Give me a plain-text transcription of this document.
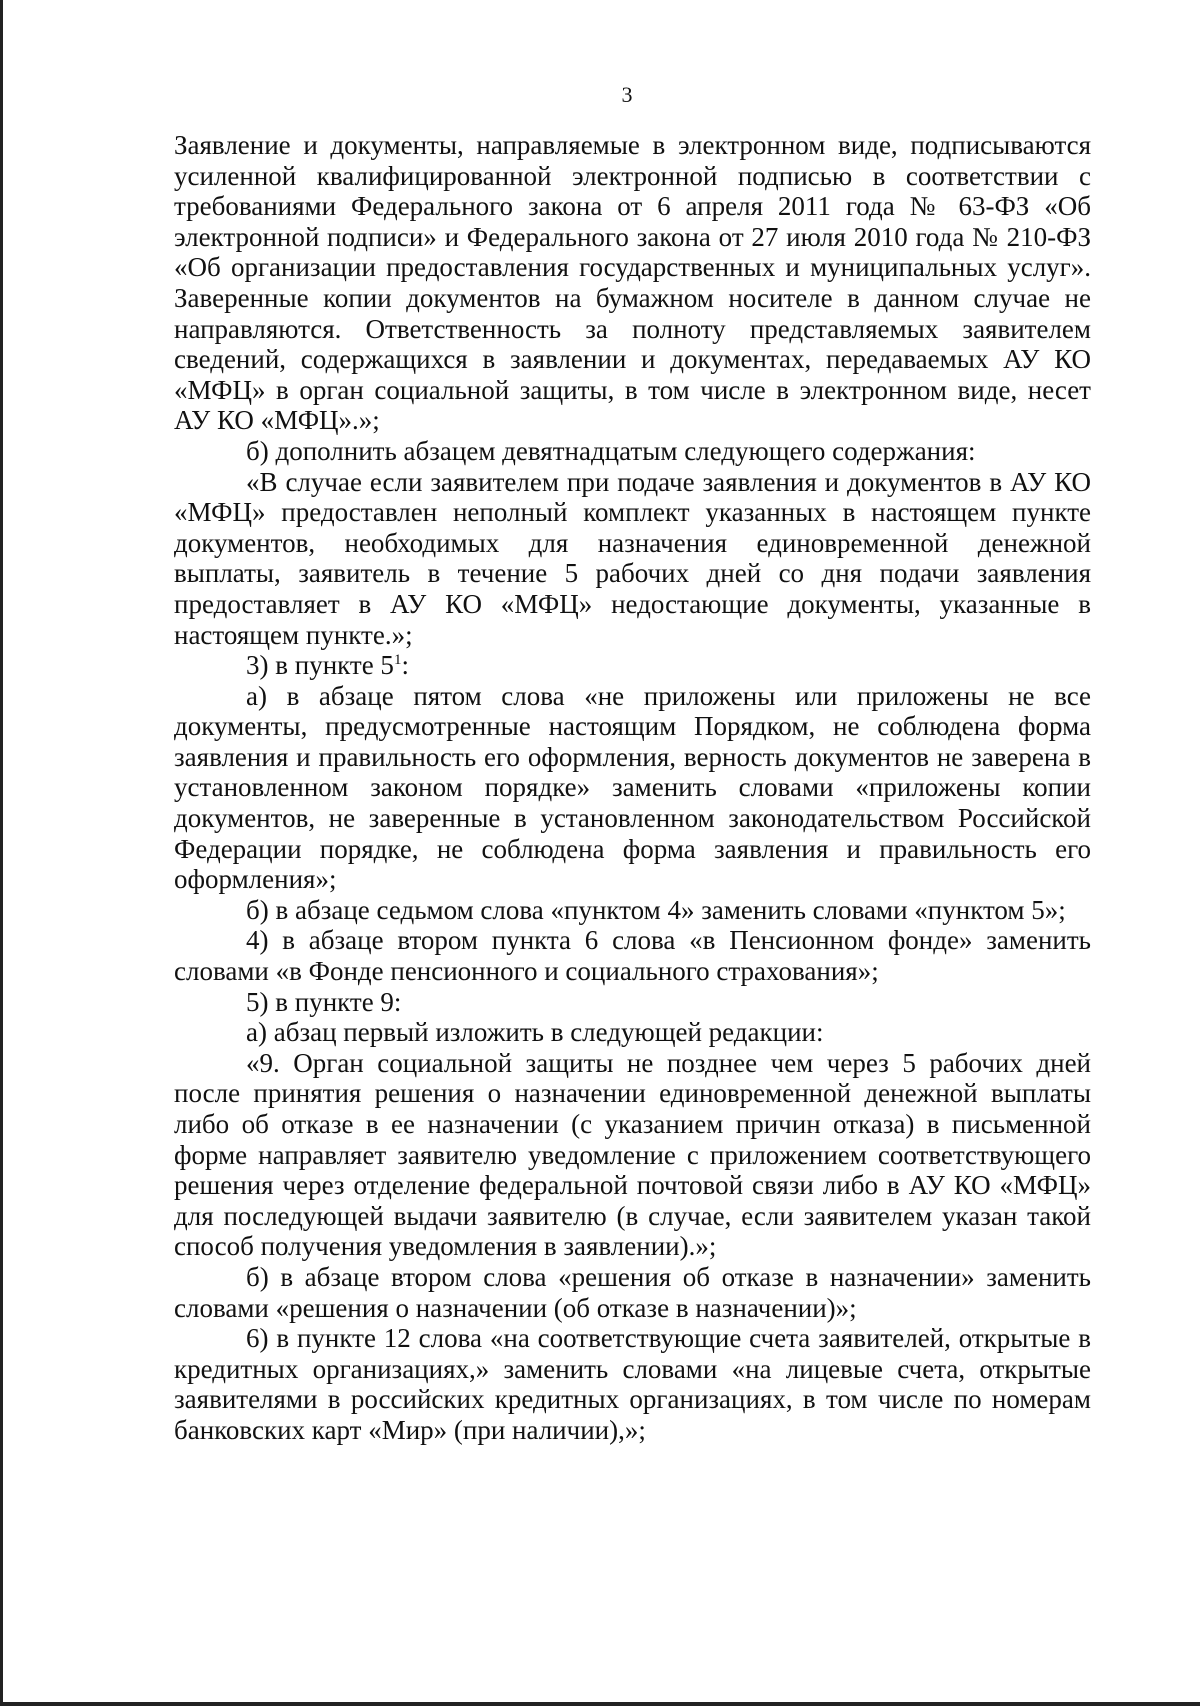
3

Заявление и документы, направляемые в электронном виде, подписываются усиленной квалифицированной электронной подписью в соответствии с требованиями Федерального закона от 6 апреля 2011 года № 63-ФЗ «Об электронной подписи» и Федерального закона от 27 июля 2010 года № 210-ФЗ «Об организации предоставления государственных и муниципальных услуг». Заверенные копии документов на бумажном носителе в данном случае не направляются. Ответственность за полноту представляемых заявителем сведений, содержащихся в заявлении и документах, передаваемых АУ КО «МФЦ» в орган социальной защиты, в том числе в электронном виде, несет АУ КО «МФЦ».»;

б) дополнить абзацем девятнадцатым следующего содержания:

«В случае если заявителем при подаче заявления и документов в АУ КО «МФЦ» предоставлен неполный комплект указанных в настоящем пункте документов, необходимых для назначения единовременной денежной выплаты, заявитель в течение 5 рабочих дней со дня подачи заявления предоставляет в АУ КО «МФЦ» недостающие документы, указанные в настоящем пункте.»;

3) в пункте $5^1$:

а) в абзаце пятом слова «не приложены или приложены не все документы, предусмотренные настоящим Порядком, не соблюдена форма заявления и правильность его оформления, верность документов не заверена в установленном законом порядке» заменить словами «приложены копии документов, не заверенные в установленном законодательством Российской Федерации порядке, не соблюдена форма заявления и правильность его оформления»;

б) в абзаце седьмом слова «пунктом 4» заменить словами «пунктом 5»;

4) в абзаце втором пункта 6 слова «в Пенсионном фонде» заменить словами «в Фонде пенсионного и социального страхования»;

5) в пункте 9:

а) абзац первый изложить в следующей редакции:

«9. Орган социальной защиты не позднее чем через 5 рабочих дней после принятия решения о назначении единовременной денежной выплаты либо об отказе в ее назначении (с указанием причин отказа) в письменной форме направляет заявителю уведомление с приложением соответствующего решения через отделение федеральной почтовой связи либо в АУ КО «МФЦ» для последующей выдачи заявителю (в случае, если заявителем указан такой способ получения уведомления в заявлении).»;

б) в абзаце втором слова «решения об отказе в назначении» заменить словами «решения о назначении (об отказе в назначении)»;

6) в пункте 12 слова «на соответствующие счета заявителей, открытые в кредитных организациях,» заменить словами «на лицевые счета, открытые заявителями в российских кредитных организациях, в том числе по номерам банковских карт «Мир» (при наличии),»;
